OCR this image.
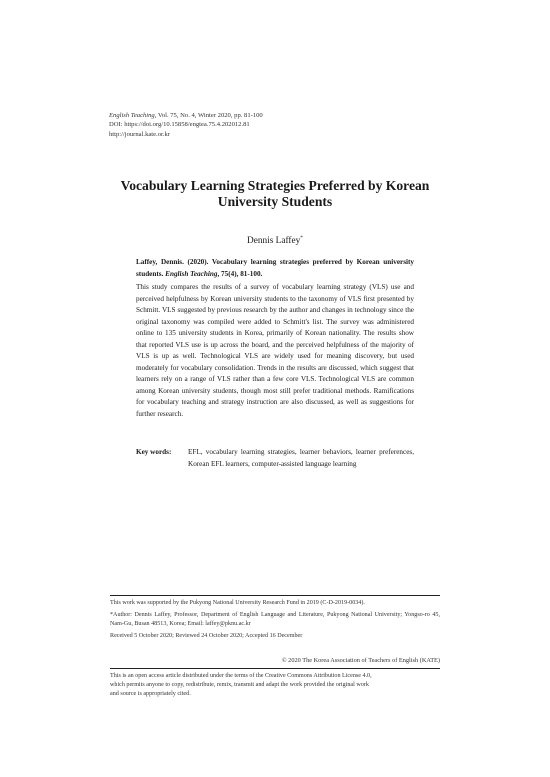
English Teaching, Vol. 75, No. 4, Winter 2020, pp. 81-100
DOI: https://doi.org/10.15858/engtea.75.4.202012.81
http://journal.kate.or.kr
Vocabulary Learning Strategies Preferred by Korean
University Students
Dennis Laffey*
Laffey, Dennis. (2020). Vocabulary learning strategies preferred by Korean university students. English Teaching, 75(4), 81-100.
This study compares the results of a survey of vocabulary learning strategy (VLS) use and perceived helpfulness by Korean university students to the taxonomy of VLS first presented by Schmitt. VLS suggested by previous research by the author and changes in technology since the original taxonomy was compiled were added to Schmitt's list. The survey was administered online to 135 university students in Korea, primarily of Korean nationality. The results show that reported VLS use is up across the board, and the perceived helpfulness of the majority of VLS is up as well. Technological VLS are widely used for meaning discovery, but used moderately for vocabulary consolidation. Trends in the results are discussed, which suggest that learners rely on a range of VLS rather than a few core VLS. Technological VLS are common among Korean university students, though most still prefer traditional methods. Ramifications for vocabulary teaching and strategy instruction are also discussed, as well as suggestions for further research.
Key words:	EFL, vocabulary learning strategies, learner behaviors, learner preferences, Korean EFL learners, computer-assisted language learning

This work was supported by the Pukyong National University Research Fund in 2019 (C-D-2019-0034).

*Author: Dennis Laffey, Professor, Department of English Language and Literature, Pukyong National University; Yongso-ro 45, Nam-Gu, Busan 48513, Korea; Email: laffey@pknu.ac.kr

Received 5 October 2020; Reviewed 24 October 2020; Accepted 16 December

© 2020 The Korea Association of Teachers of English (KATE)
This is an open access article distributed under the terms of the Creative Commons Attribution License 4.0,
which permits anyone to copy, redistribute, remix, transmit and adapt the work provided the original work
and source is appropriately cited.
